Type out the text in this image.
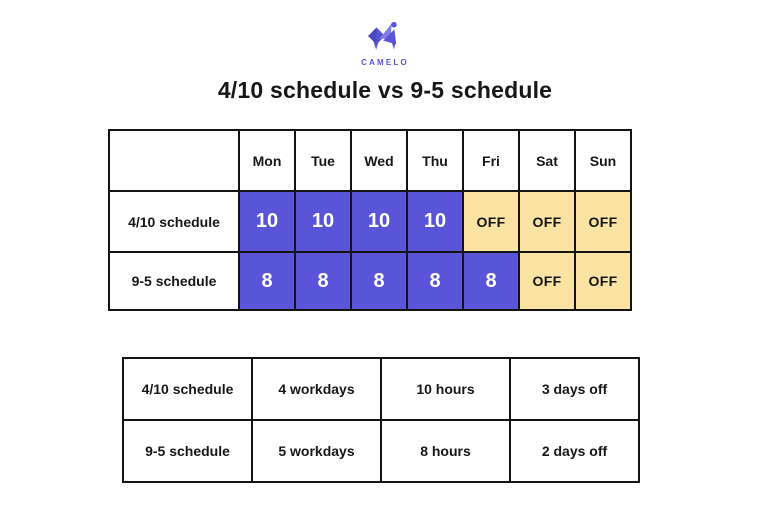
CAMELO
4/10 schedule vs 9-5 schedule
	Mon	Tue	Wed	Thu	Fri	Sat	Sun
4/10 schedule	10	10	10	10	OFF	OFF	OFF
9-5 schedule	8	8	8	8	8	OFF	OFF
4/10 schedule	4 workdays	10 hours	3 days off
9-5 schedule	5 workdays	8 hours	2 days off
